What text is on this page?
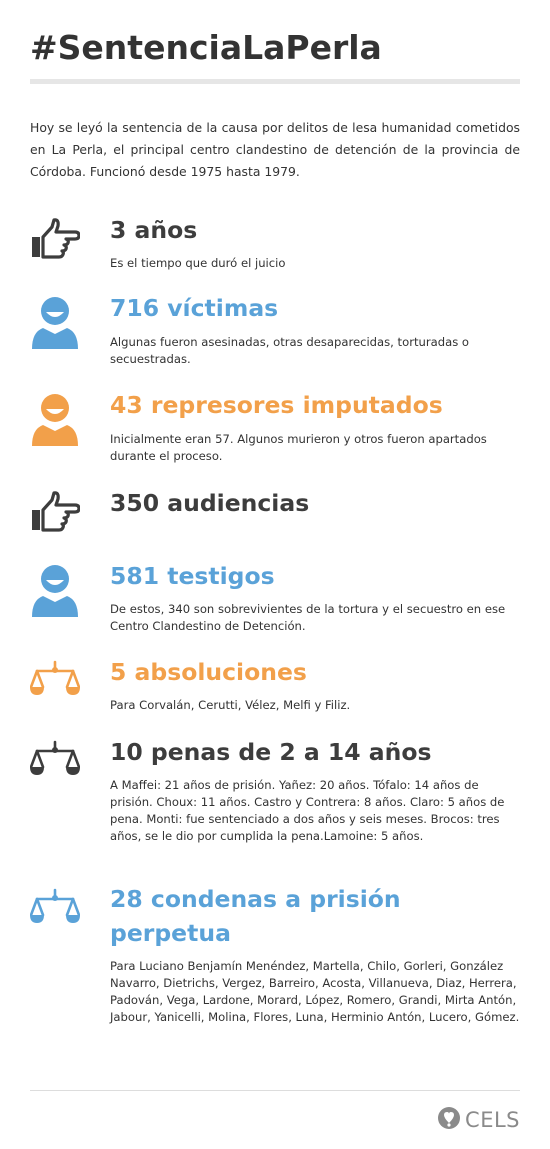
#SentenciaLaPerla

Hoy se leyó la sentencia de la causa por delitos de lesa humanidad cometidos en La Perla, el principal centro clandestino de detención de la provincia de Córdoba. Funcionó desde 1975 hasta 1979.

3 años

Es el tiempo que duró el juicio

716 víctimas

Algunas fueron asesinadas, otras desaparecidas, torturadas o secuestradas.

43 represores imputados

Inicialmente eran 57. Algunos murieron y otros fueron apartados durante el proceso.

350 audiencias
581 testigos

De estos, 340 son sobrevivientes de la tortura y el secuestro en ese Centro Clandestino de Detención.

5 absoluciones

Para Corvalán, Cerutti, Vélez, Melfi y Filiz.

10 penas de 2 a 14 años

A Maffei: 21 años de prisión. Yañez: 20 años. Tófalo: 14 años de prisión. Choux: 11 años. Castro y Contrera: 8 años. Claro: 5 años de pena. Monti: fue sentenciado a dos años y seis meses. Brocos: tres años, se le dio por cumplida la pena.Lamoine: 5 años.

28 condenas a prisión perpetua

Para Luciano Benjamín Menéndez, Martella, Chilo, Gorleri, González Navarro, Dietrichs, Vergez, Barreiro, Acosta, Villanueva, Diaz, Herrera, Padován, Vega, Lardone, Morard, López, Romero, Grandi, Mirta Antón, Jabour, Yanicelli, Molina, Flores, Luna, Herminio Antón, Lucero, Gómez.

CELS
